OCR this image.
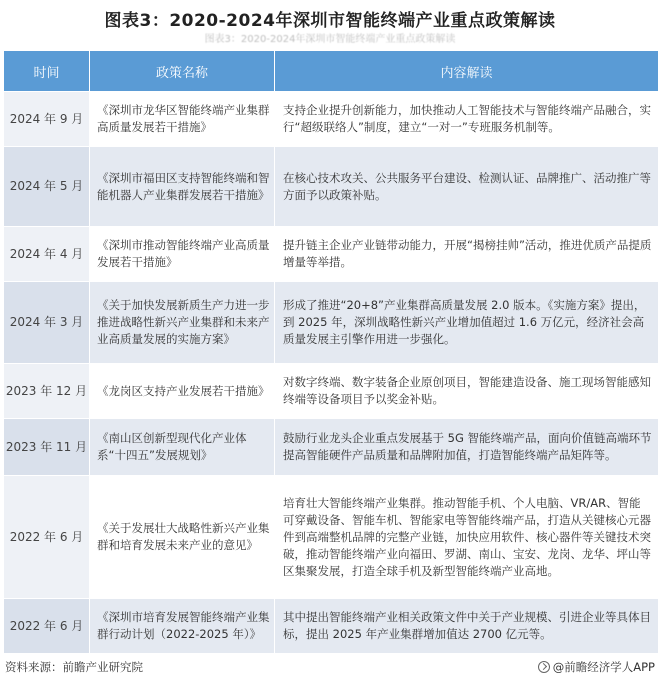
图表3：2020-2024年深圳市智能终端产业重点政策解读
图表3：2020-2024年深圳市智能终端产业重点政策解读
时间	政策名称	内容解读
2024 年 9 月	《深圳市龙华区智能终端产业集群高质量发展若干措施》	支持企业提升创新能力，加快推动人工智能技术与智能终端产品融合，实行“超级联络人”制度，建立“一对一”专班服务机制等。
2024 年 5 月	《深圳市福田区支持智能终端和智能机器人产业集群发展若干措施》	在核心技术攻关、公共服务平台建设、检测认证、品牌推广、活动推广等方面予以政策补贴。
2024 年 4 月	《深圳市推动智能终端产业高质量发展若干措施》	提升链主企业产业链带动能力，开展“揭榜挂帅”活动，推进优质产品提质增量等举措。
2024 年 3 月	《关于加快发展新质生产力进一步推进战略性新兴产业集群和未来产业高质量发展的实施方案》	形成了推进“20+8”产业集群高质量发展 2.0 版本。《实施方案》提出，到 2025 年，深圳战略性新兴产业增加值超过 1.6 万亿元，经济社会高质量发展主引擎作用进一步强化。
2023 年 12 月	《龙岗区支持产业发展若干措施》	对数字终端、数字装备企业原创项目，智能建造设备、施工现场智能感知终端等设备项目予以奖金补贴。
2023 年 11 月	《南山区创新型现代化产业体系“十四五”发展规划》	鼓励行业龙头企业重点发展基于 5G 智能终端产品，面向价值链高端环节提高智能硬件产品质量和品牌附加值，打造智能终端产品矩阵等。
2022 年 6 月	《关于发展壮大战略性新兴产业集群和培育发展未来产业的意见》	培育壮大智能终端产业集群。推动智能手机、个人电脑、VR/AR、智能可穿戴设备、智能车机、智能家电等智能终端产品，打造从关键核心元器件到高端整机品牌的完整产业链，加快应用软件、核心器件等关键技术突破，推动智能终端产业向福田、罗湖、南山、宝安、龙岗、龙华、坪山等区集聚发展，打造全球手机及新型智能终端产业高地。
2022 年 6 月	《深圳市培育发展智能终端产业集群行动计划（2022-2025 年）》	其中提出智能终端产业相关政策文件中关于产业规模、引进企业等具体目标，提出 2025 年产业集群增加值达 2700 亿元等。
资料来源：前瞻产业研究院	@前瞻经济学人APP
